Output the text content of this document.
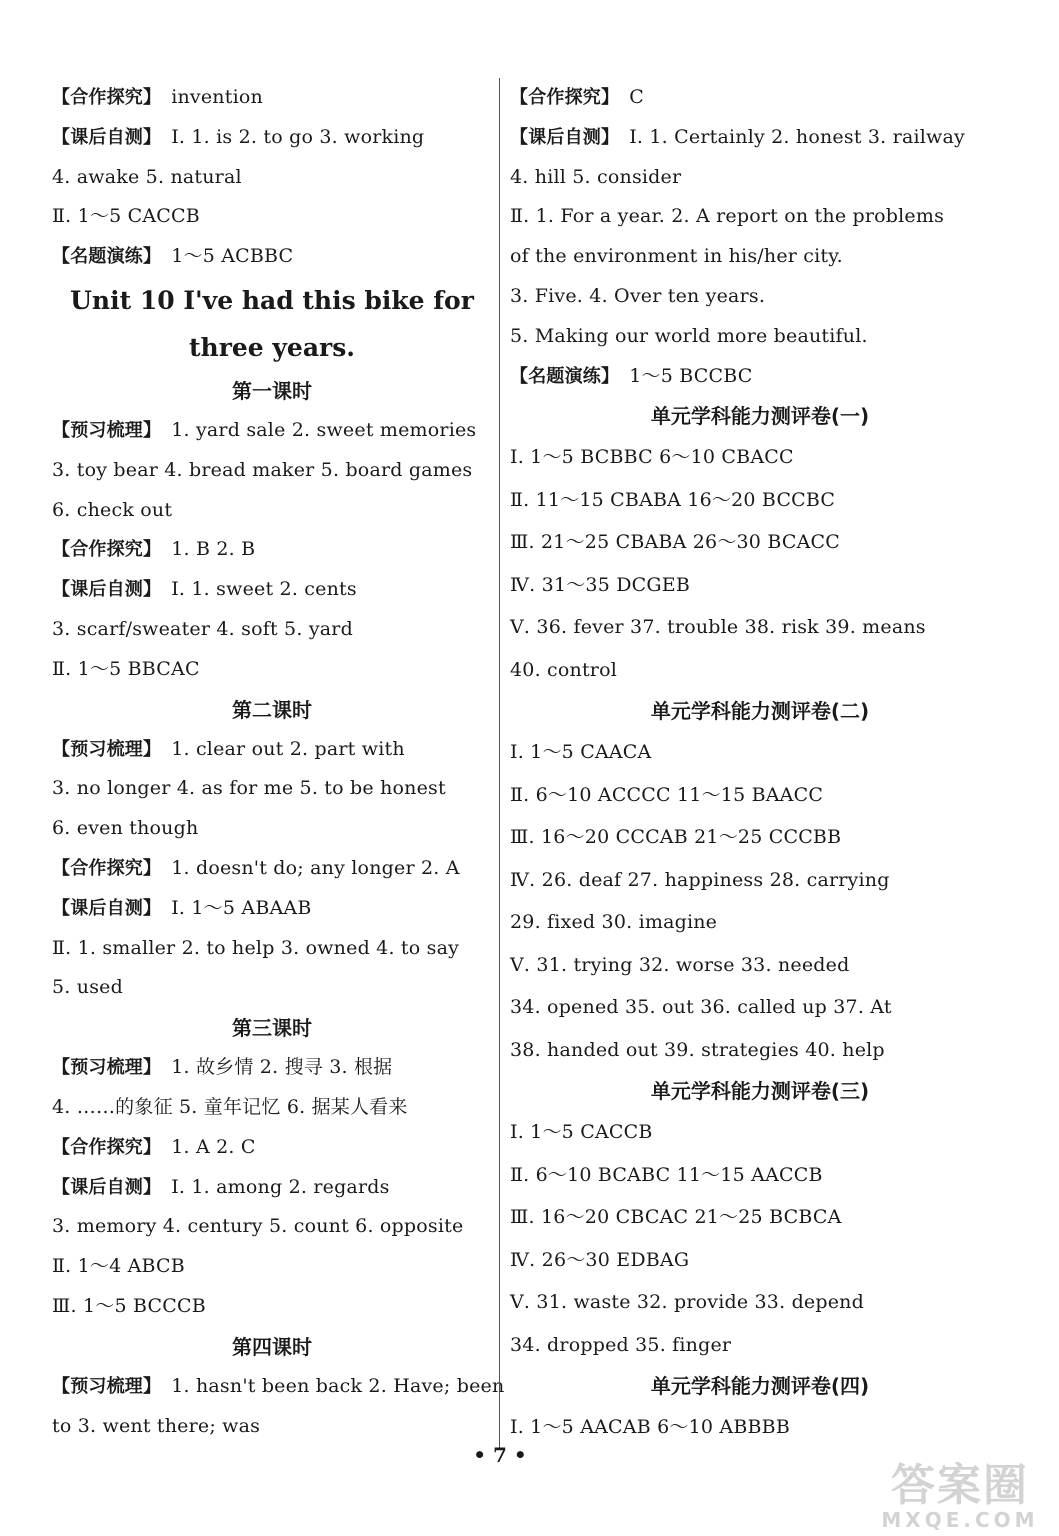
【合作探究】 invention
【课后自测】 Ⅰ. 1. is 2. to go 3. working
4. awake 5. natural
Ⅱ. 1～5 CACCB
【名题演练】 1～5 ACBBC
Unit 10 I've had this bike for
three years.
第一课时
【预习梳理】 1. yard sale 2. sweet memories
3. toy bear 4. bread maker 5. board games
6. check out
【合作探究】 1. B 2. B
【课后自测】 Ⅰ. 1. sweet 2. cents
3. scarf/sweater 4. soft 5. yard
Ⅱ. 1～5 BBCAC
第二课时
【预习梳理】 1. clear out 2. part with
3. no longer 4. as for me 5. to be honest
6. even though
【合作探究】 1. doesn't do; any longer 2. A
【课后自测】 Ⅰ. 1～5 ABAAB
Ⅱ. 1. smaller 2. to help 3. owned 4. to say
5. used
第三课时
【预习梳理】 1. 故乡情 2. 搜寻 3. 根据
4. ……的象征 5. 童年记忆 6. 据某人看来
【合作探究】 1. A 2. C
【课后自测】 Ⅰ. 1. among 2. regards
3. memory 4. century 5. count 6. opposite
Ⅱ. 1～4 ABCB
Ⅲ. 1～5 BCCCB
第四课时
【预习梳理】 1. hasn't been back 2. Have; been
to 3. went there; was
【合作探究】 C
【课后自测】 Ⅰ. 1. Certainly 2. honest 3. railway
4. hill 5. consider
Ⅱ. 1. For a year. 2. A report on the problems
of the environment in his/her city.
3. Five. 4. Over ten years.
5. Making our world more beautiful.
【名题演练】 1～5 BCCBC
单元学科能力测评卷(一)
Ⅰ. 1～5 BCBBC 6～10 CBACC
Ⅱ. 11～15 CBABA 16～20 BCCBC
Ⅲ. 21～25 CBABA 26～30 BCACC
Ⅳ. 31～35 DCGEB
Ⅴ. 36. fever 37. trouble 38. risk 39. means
40. control
单元学科能力测评卷(二)
Ⅰ. 1～5 CAACA
Ⅱ. 6～10 ACCCC 11～15 BAACC
Ⅲ. 16～20 CCCAB 21～25 CCCBB
Ⅳ. 26. deaf 27. happiness 28. carrying
29. fixed 30. imagine
Ⅴ. 31. trying 32. worse 33. needed
34. opened 35. out 36. called up 37. At
38. handed out 39. strategies 40. help
单元学科能力测评卷(三)
Ⅰ. 1～5 CACCB
Ⅱ. 6～10 BCABC 11～15 AACCB
Ⅲ. 16～20 CBCAC 21～25 BCBCA
Ⅳ. 26～30 EDBAG
Ⅴ. 31. waste 32. provide 33. depend
34. dropped 35. finger
单元学科能力测评卷(四)
Ⅰ. 1～5 AACAB 6～10 ABBBB
• 7 •
答案圈
MXQE.COM
